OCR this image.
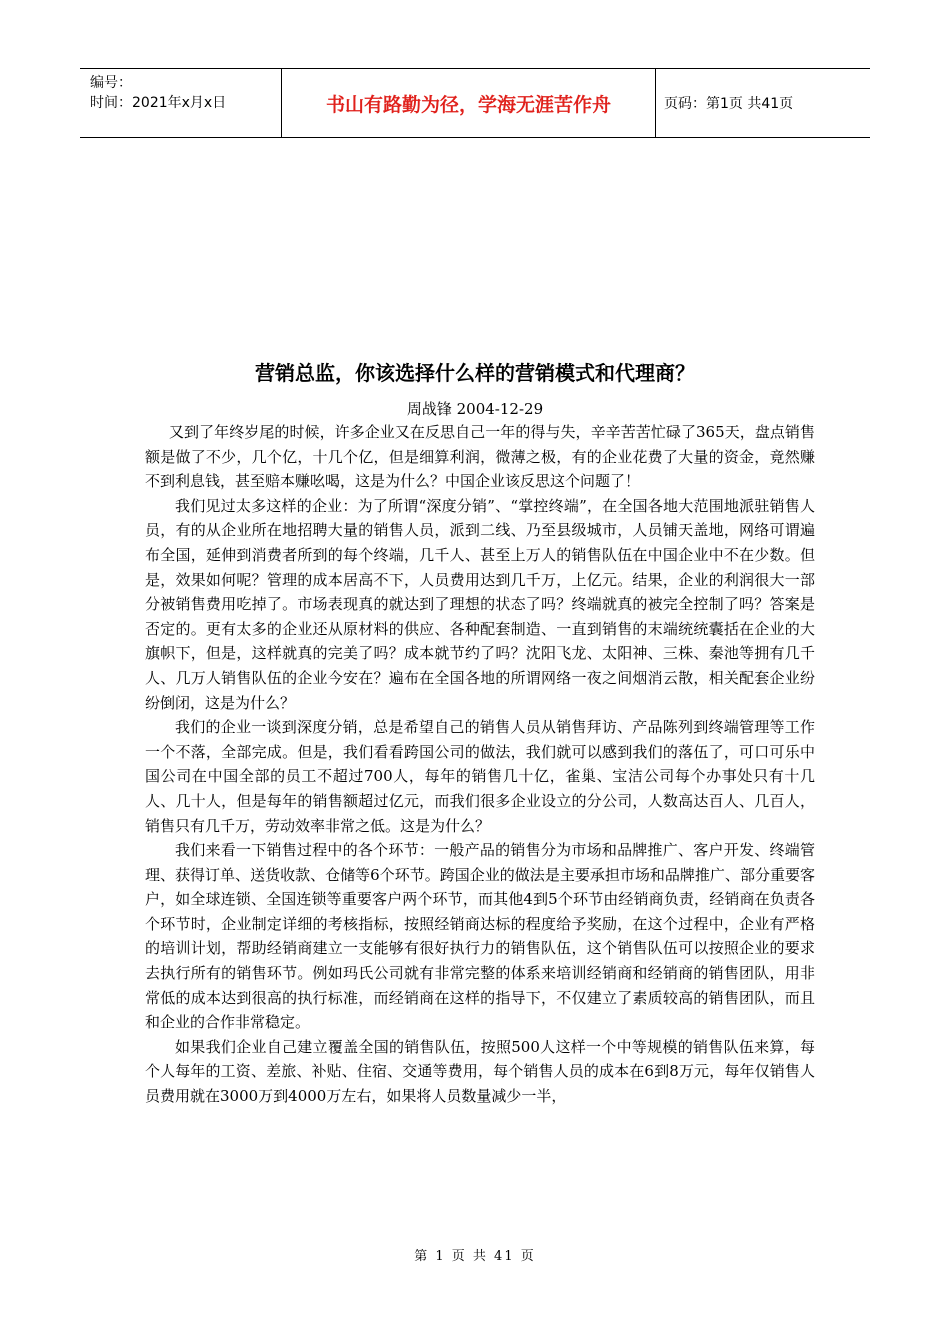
编号：
时间：2021年x月x日	书山有路勤为径，学海无涯苦作舟	页码：第1页 共41页
营销总监，你该选择什么样的营销模式和代理商？
周战锋 2004-12-29

又到了年终岁尾的时候，许多企业又在反思自己一年的得与失，辛辛苦苦忙碌了365天，盘点销售额是做了不少，几个亿，十几个亿，但是细算利润，微薄之极，有的企业花费了大量的资金，竟然赚不到利息钱，甚至赔本赚吆喝，这是为什么？中国企业该反思这个问题了！

我们见过太多这样的企业：为了所谓“深度分销”、“掌控终端”，在全国各地大范围地派驻销售人员，有的从企业所在地招聘大量的销售人员，派到二线、乃至县级城市，人员铺天盖地，网络可谓遍布全国，延伸到消费者所到的每个终端，几千人、甚至上万人的销售队伍在中国企业中不在少数。但是，效果如何呢？管理的成本居高不下，人员费用达到几千万，上亿元。结果，企业的利润很大一部分被销售费用吃掉了。市场表现真的就达到了理想的状态了吗？终端就真的被完全控制了吗？答案是否定的。更有太多的企业还从原材料的供应、各种配套制造、一直到销售的末端统统囊括在企业的大旗帜下，但是，这样就真的完美了吗？成本就节约了吗？沈阳飞龙、太阳神、三株、秦池等拥有几千人、几万人销售队伍的企业今安在？遍布在全国各地的所谓网络一夜之间烟消云散，相关配套企业纷纷倒闭，这是为什么？

我们的企业一谈到深度分销，总是希望自己的销售人员从销售拜访、产品陈列到终端管理等工作一个不落，全部完成。但是，我们看看跨国公司的做法，我们就可以感到我们的落伍了，可口可乐中国公司在中国全部的员工不超过700人，每年的销售几十亿，雀巢、宝洁公司每个办事处只有十几人、几十人，但是每年的销售额超过亿元，而我们很多企业设立的分公司，人数高达百人、几百人，销售只有几千万，劳动效率非常之低。这是为什么？

我们来看一下销售过程中的各个环节：一般产品的销售分为市场和品牌推广、客户开发、终端管理、获得订单、送货收款、仓储等6个环节。跨国企业的做法是主要承担市场和品牌推广、部分重要客户，如全球连锁、全国连锁等重要客户两个环节，而其他4到5个环节由经销商负责，经销商在负责各个环节时，企业制定详细的考核指标，按照经销商达标的程度给予奖励，在这个过程中，企业有严格的培训计划，帮助经销商建立一支能够有很好执行力的销售队伍，这个销售队伍可以按照企业的要求去执行所有的销售环节。例如玛氏公司就有非常完整的体系来培训经销商和经销商的销售团队，用非常低的成本达到很高的执行标准，而经销商在这样的指导下，不仅建立了素质较高的销售团队，而且和企业的合作非常稳定。

如果我们企业自己建立覆盖全国的销售队伍，按照500人这样一个中等规模的销售队伍来算，每个人每年的工资、差旅、补贴、住宿、交通等费用，每个销售人员的成本在6到8万元，每年仅销售人员费用就在3000万到4000万左右，如果将人员数量减少一半，

第 1 页 共 41 页
